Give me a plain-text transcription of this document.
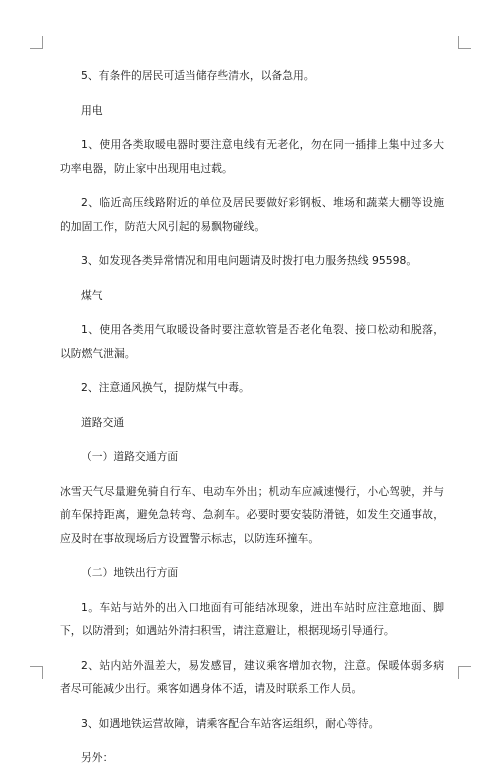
5、有条件的居民可适当储存些清水，以备急用。

用电

1、使用各类取暖电器时要注意电线有无老化，勿在同一插排上集中过多大功率电器，防止家中出现用电过载。

2、临近高压线路附近的单位及居民要做好彩钢板、堆场和蔬菜大棚等设施的加固工作，防范大风引起的易飘物碰线。

3、如发现各类异常情况和用电问题请及时拨打电力服务热线 95598。

煤气

1、使用各类用气取暖设备时要注意软管是否老化龟裂、接口松动和脱落，以防燃气泄漏。

2、注意通风换气，提防煤气中毒。

道路交通

（一）道路交通方面

冰雪天气尽量避免骑自行车、电动车外出；机动车应减速慢行，小心驾驶，并与前车保持距离，避免急转弯、急刹车。必要时要安装防滑链，如发生交通事故，应及时在事故现场后方设置警示标志，以防连环撞车。

（二）地铁出行方面

1。车站与站外的出入口地面有可能结冰现象，进出车站时应注意地面、脚下，以防滑到；如遇站外清扫积雪，请注意避让，根据现场引导通行。

2、站内站外温差大，易发感冒，建议乘客增加衣物，注意。保暖体弱多病者尽可能减少出行。乘客如遇身体不适，请及时联系工作人员。

3、如遇地铁运营故障，请乘客配合车站客运组织，耐心等待。

另外：
